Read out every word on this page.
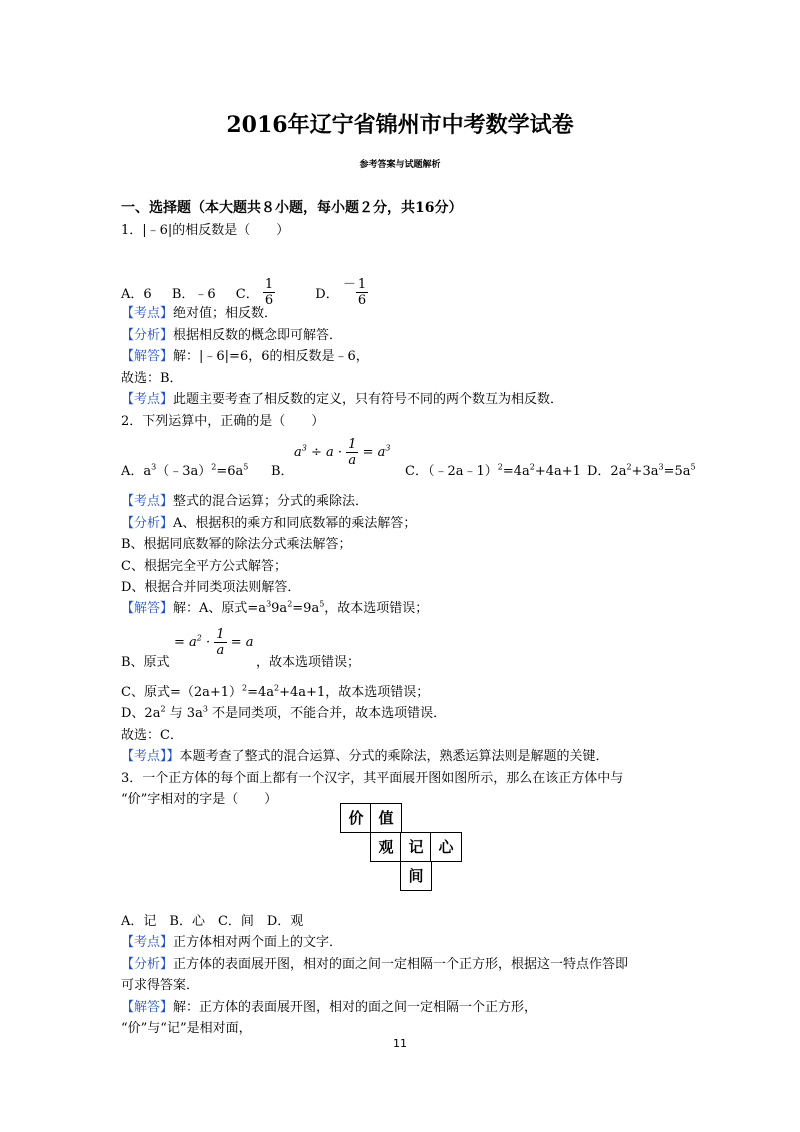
2016年辽宁省锦州市中考数学试卷
参考答案与试题解析
一、选择题（本大题共８小题，每小题２分，共16分）
1．|﹣6|的相反数是（　　）
A．6 B．﹣6 C． $\frac{1}{6}$	D． － $\frac{1}{6}$
【考点】绝对值；相反数．
【分析】根据相反数的概念即可解答．
【解答】解：|﹣6|=6，6的相反数是﹣6，
故选：B．
【考点】此题主要考查了相反数的定义，只有符号不同的两个数互为相反数．
2．下列运算中，正确的是（　　）
A．$a^3(﹣3a)^2=6a^5$ B．
$a^3 \div a \cdot \frac{1}{a} = a^3$
C．$(﹣2a﹣1)^2=4a^2+4a+1$ D．$2a^2+3a^3=5a^5$
【考点】整式的混合运算；分式的乘除法．
【分析】A、根据积的乘方和同底数幂的乘法解答；
B、根据同底数幂的除法分式乘法解答；
C、根据完全平方公式解答；
D、根据合并同类项法则解答．
【解答】解：A、原式$=a^39a^2=9a^5$，故本选项错误；
B、原式
= $a^2 \cdot \frac{1}{a} = a$
，故本选项错误；
C、原式$=(2a+1)^2=4a^2+4a+1$，故本选项错误；
D、$2a^2$ 与 $3a^3$ 不是同类项，不能合并，故本选项错误．
故选：C．
【考点】】本题考查了整式的混合运算、分式的乘除法，熟悉运算法则是解题的关键．
3．一个正方体的每个面上都有一个汉字，其平面展开图如图所示，那么在该正方体中与
“价”字相对的字是（　　）
价 值
观 记 心
间
A．记　B．心　C．间　D．观
【考点】正方体相对两个面上的文字．
【分析】正方体的表面展开图，相对的面之间一定相隔一个正方形，根据这一特点作答即
可求得答案．
【解答】解：正方体的表面展开图，相对的面之间一定相隔一个正方形，
“价”与“记”是相对面，
11
